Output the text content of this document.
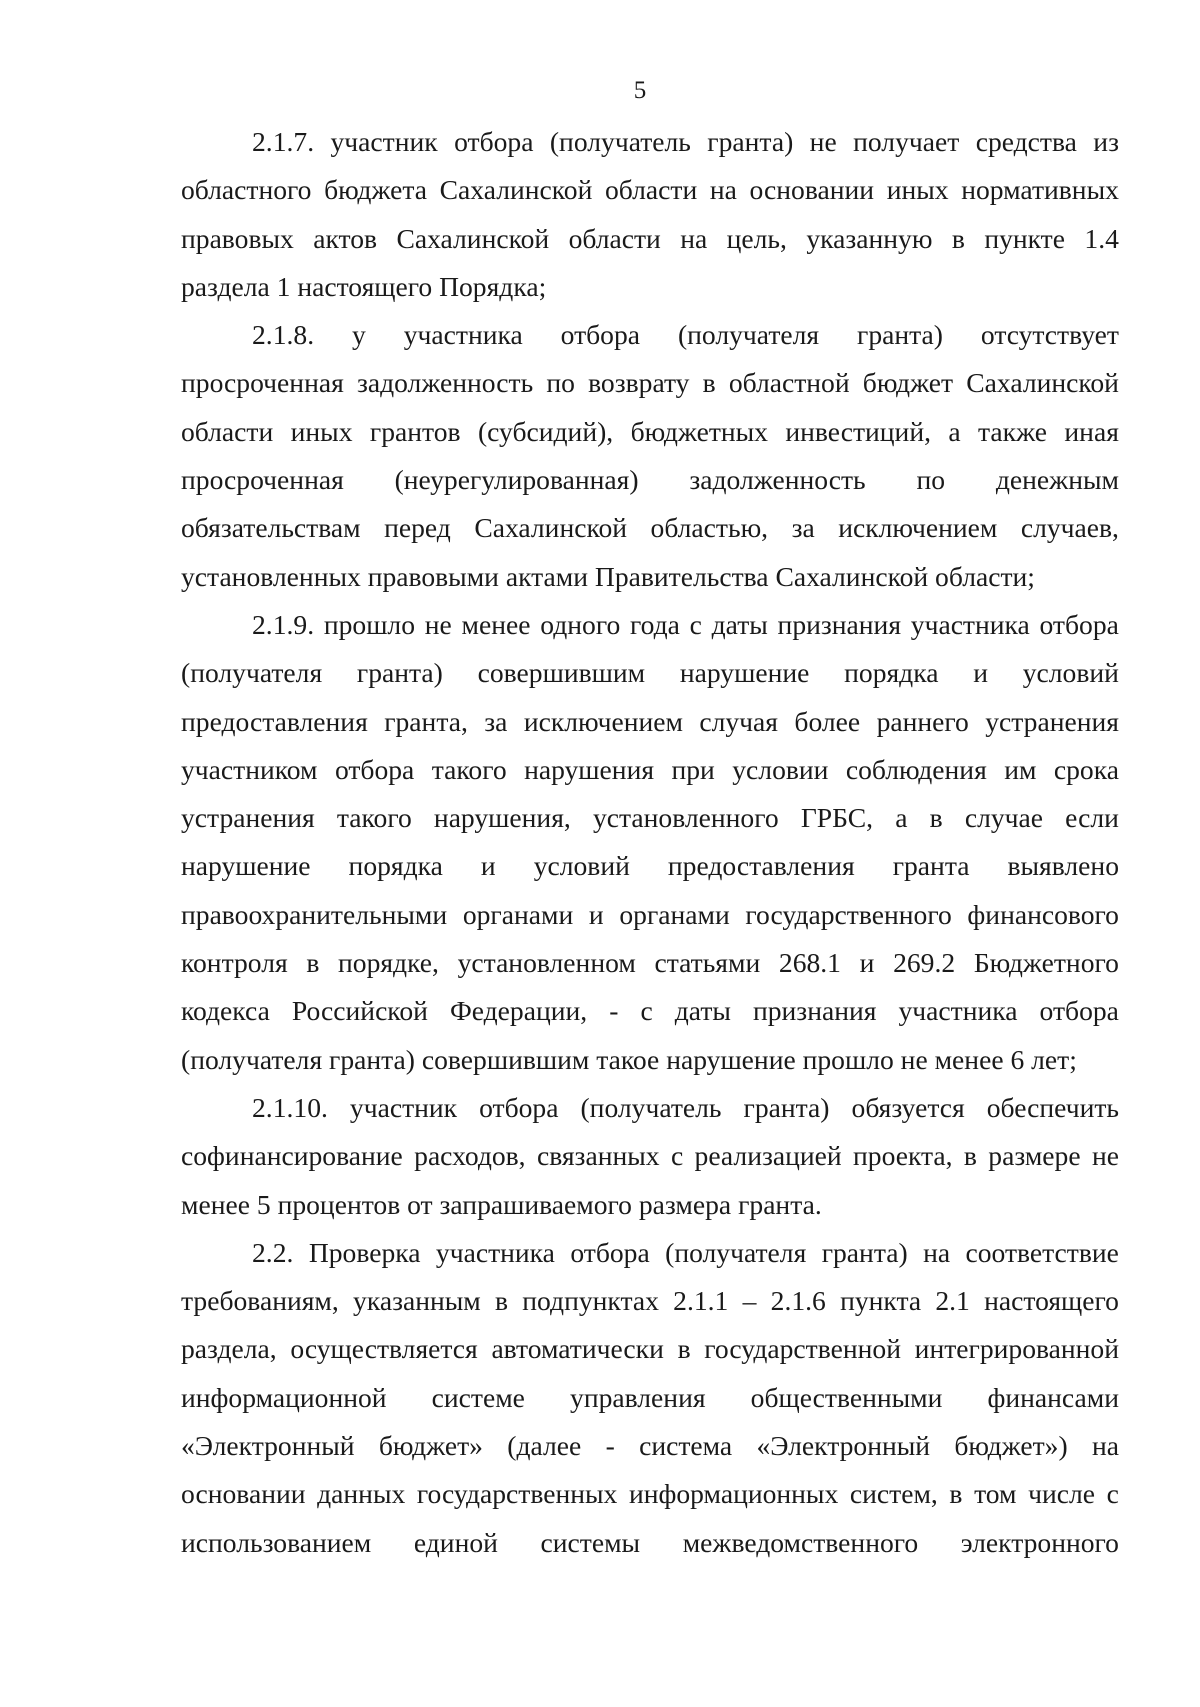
5
2.1.7. участник отбора (получатель гранта) не получает средства из
областного бюджета Сахалинской области на основании иных нормативных
правовых актов Сахалинской области на цель, указанную в пункте 1.4
раздела 1 настоящего Порядка;
2.1.8. у участника отбора (получателя гранта) отсутствует
просроченная задолженность по возврату в областной бюджет Сахалинской
области иных грантов (субсидий), бюджетных инвестиций, а также иная
просроченная (неурегулированная) задолженность по денежным
обязательствам перед Сахалинской областью, за исключением случаев,
установленных правовыми актами Правительства Сахалинской области;
2.1.9. прошло не менее одного года с даты признания участника отбора
(получателя гранта) совершившим нарушение порядка и условий
предоставления гранта, за исключением случая более раннего устранения
участником отбора такого нарушения при условии соблюдения им срока
устранения такого нарушения, установленного ГРБС, а в случае если
нарушение порядка и условий предоставления гранта выявлено
правоохранительными органами и органами государственного финансового
контроля в порядке, установленном статьями 268.1 и 269.2 Бюджетного
кодекса Российской Федерации, - с даты признания участника отбора
(получателя гранта) совершившим такое нарушение прошло не менее 6 лет;
2.1.10. участник отбора (получатель гранта) обязуется обеспечить
софинансирование расходов, связанных с реализацией проекта, в размере не
менее 5 процентов от запрашиваемого размера гранта.
2.2. Проверка участника отбора (получателя гранта) на соответствие
требованиям, указанным в подпунктах 2.1.1 – 2.1.6 пункта 2.1 настоящего
раздела, осуществляется автоматически в государственной интегрированной
информационной системе управления общественными финансами
«Электронный бюджет» (далее - система «Электронный бюджет») на
основании данных государственных информационных систем, в том числе с
использованием единой системы межведомственного электронного
